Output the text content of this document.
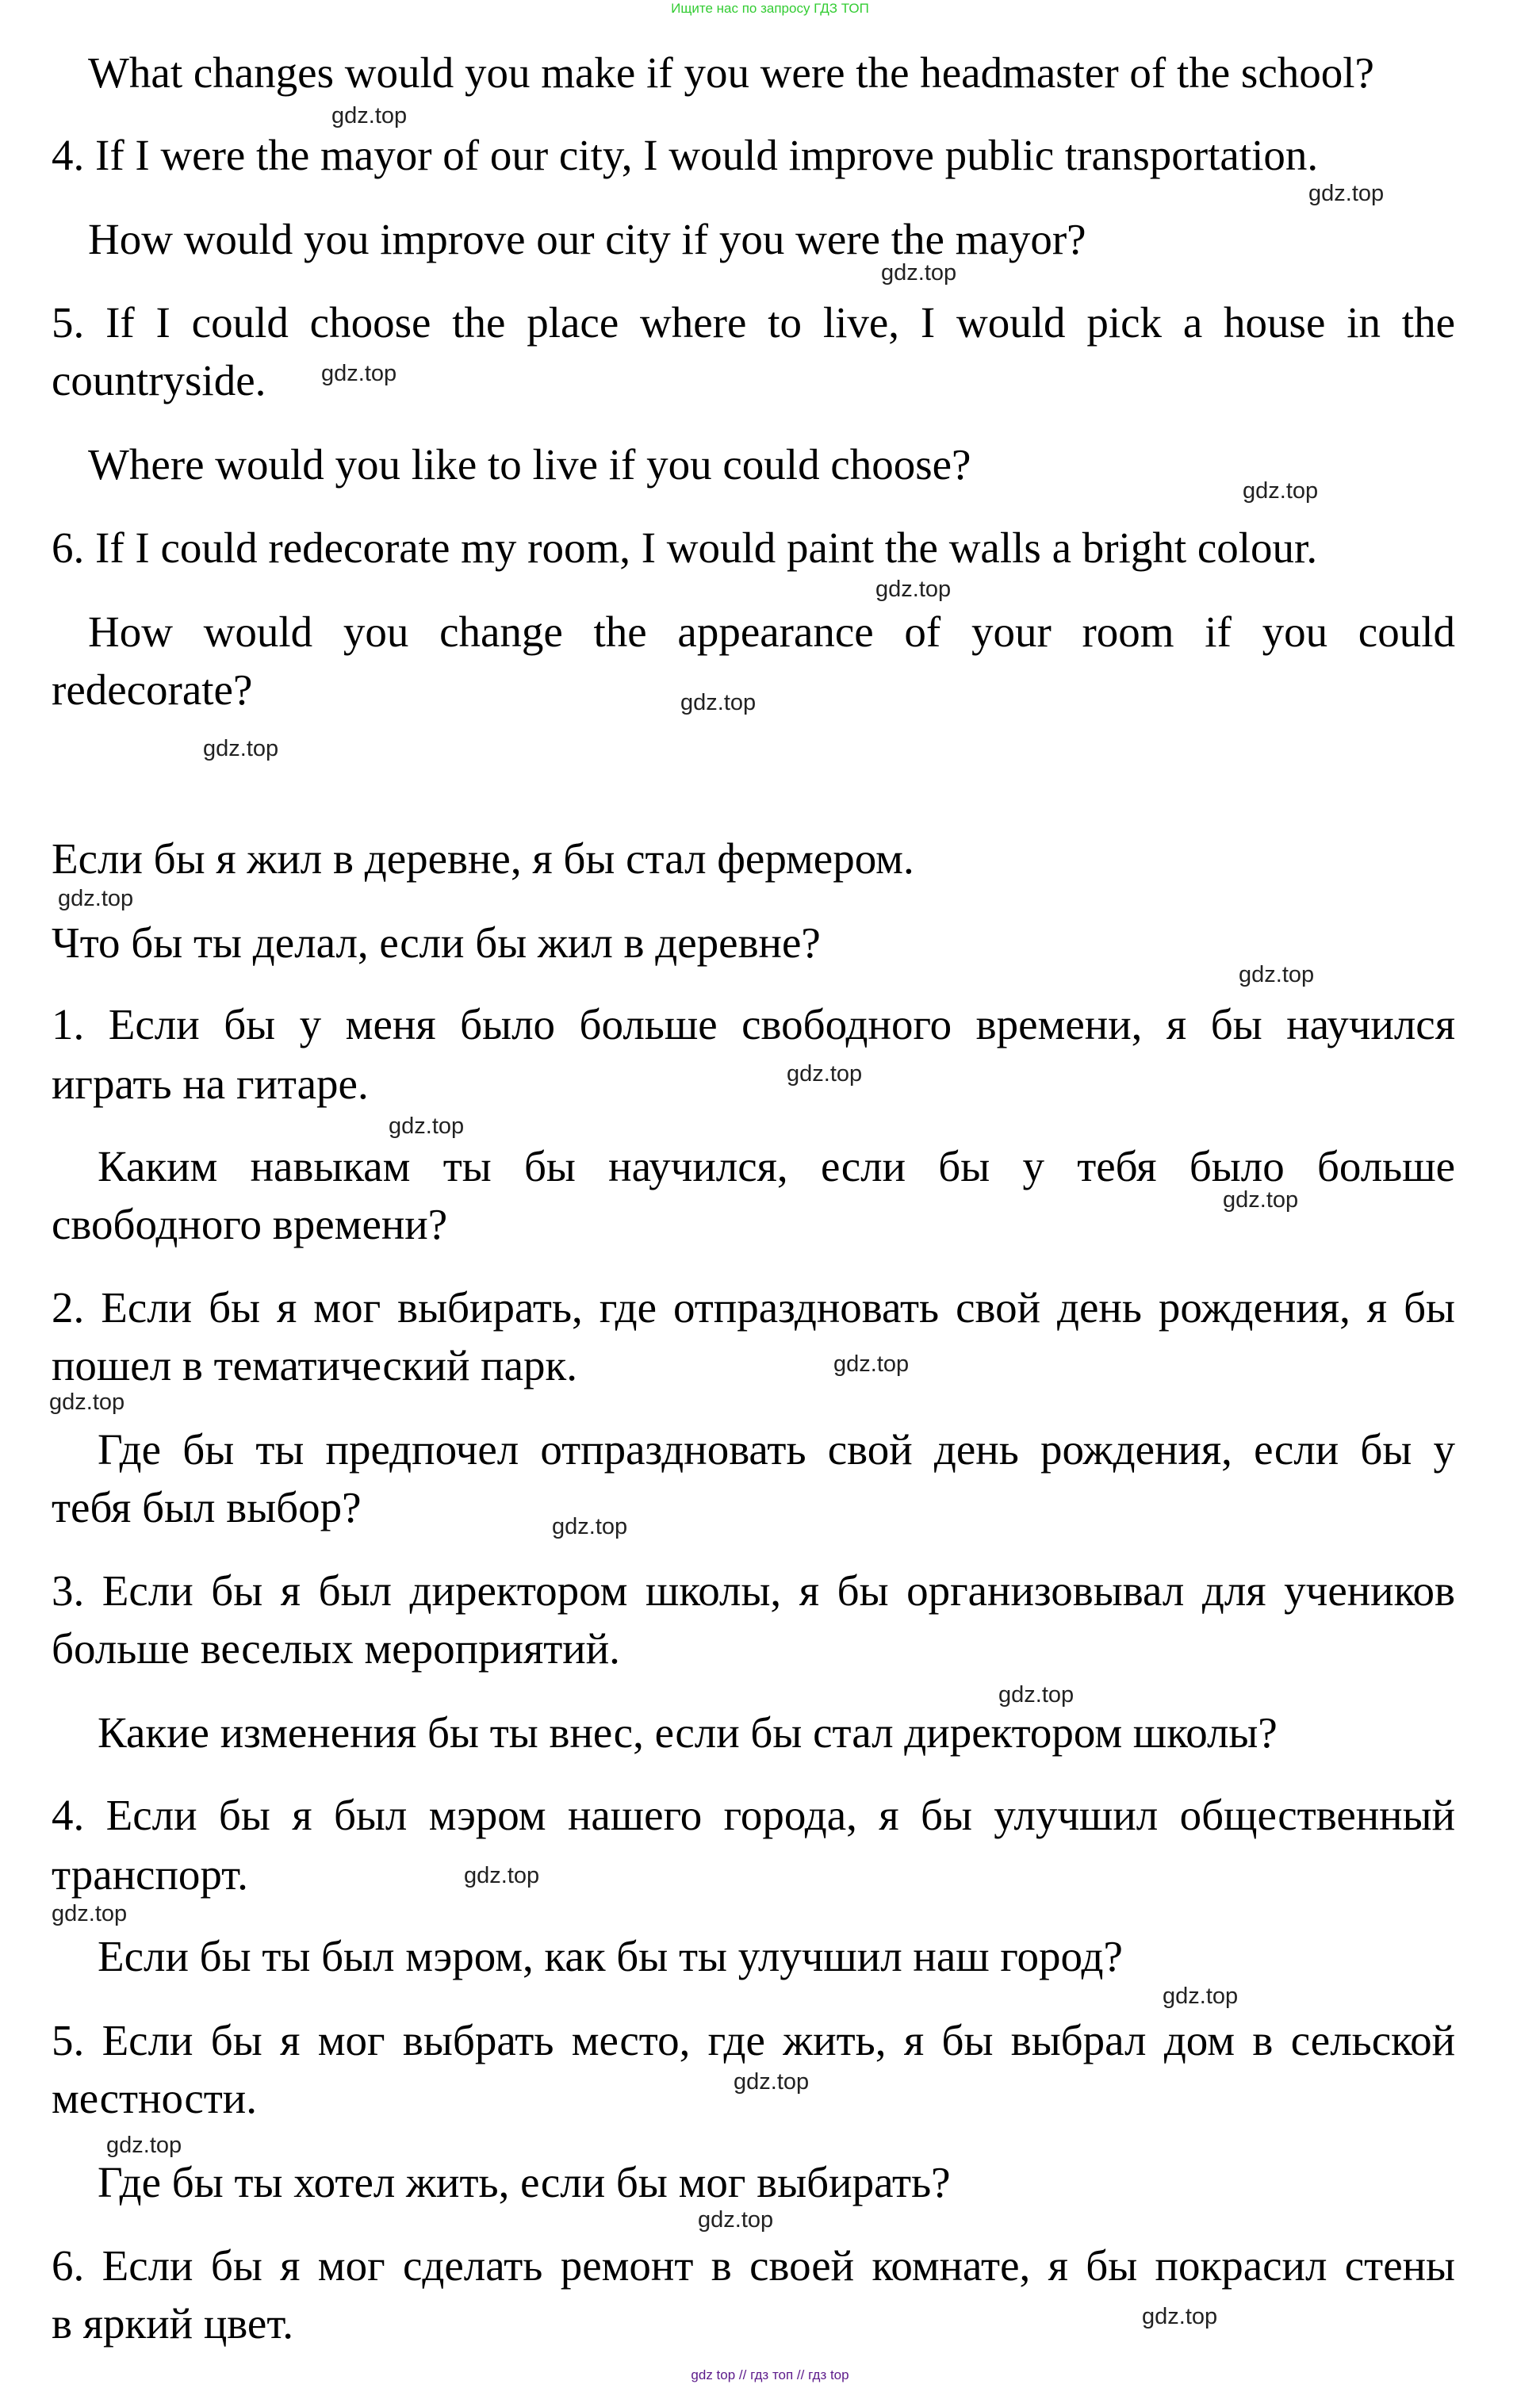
Ищите нас по запросу ГДЗ ТОП
What changes would you make if you were the headmaster of the school?
gdz.top
4. If I were the mayor of our city, I would improve public transportation.
gdz.top
How would you improve our city if you were the mayor?
gdz.top
5. If I could choose the place where to live, I would pick a house in the
countryside. gdz.top
Where would you like to live if you could choose?
gdz.top
6. If I could redecorate my room, I would paint the walls a bright colour.
gdz.top
How would you change the appearance of your room if you could
redecorate?	gdz.top
gdz.top
Если бы я жил в деревне, я бы стал фермером.
gdz.top
Что бы ты делал, если бы жил в деревне?
gdz.top
1. Если бы у меня было больше свободного времени, я бы научился
gdz.top
играть на гитаре.
gdz.top
Каким навыкам ты бы научился, если бы у тебя было больше
gdz.top
свободного времени?
2. Если бы я мог выбирать, где отпраздновать свой день рождения, я бы
пошел в тематический парк.	gdz.top
gdz.top
Где бы ты предпочел отпраздновать свой день рождения, если бы у
тебя был выбор?	gdz.top
3. Если бы я был директором школы, я бы организовывал для учеников
больше веселых мероприятий.
gdz.top
Какие изменения бы ты внес, если бы стал директором школы?
4. Если бы я был мэром нашего города, я бы улучшил общественный
транспорт.	gdz.top
gdz.top
Если бы ты был мэром, как бы ты улучшил наш город?
gdz.top
5. Если бы я мог выбрать место, где жить, я бы выбрал дом в сельской
gdz.top
местности.
gdz.top
Где бы ты хотел жить, если бы мог выбирать?
gdz.top
6. Если бы я мог сделать ремонт в своей комнате, я бы покрасил стены
в яркий цвет.	gdz.top
gdz top // гдз топ // гдз top
